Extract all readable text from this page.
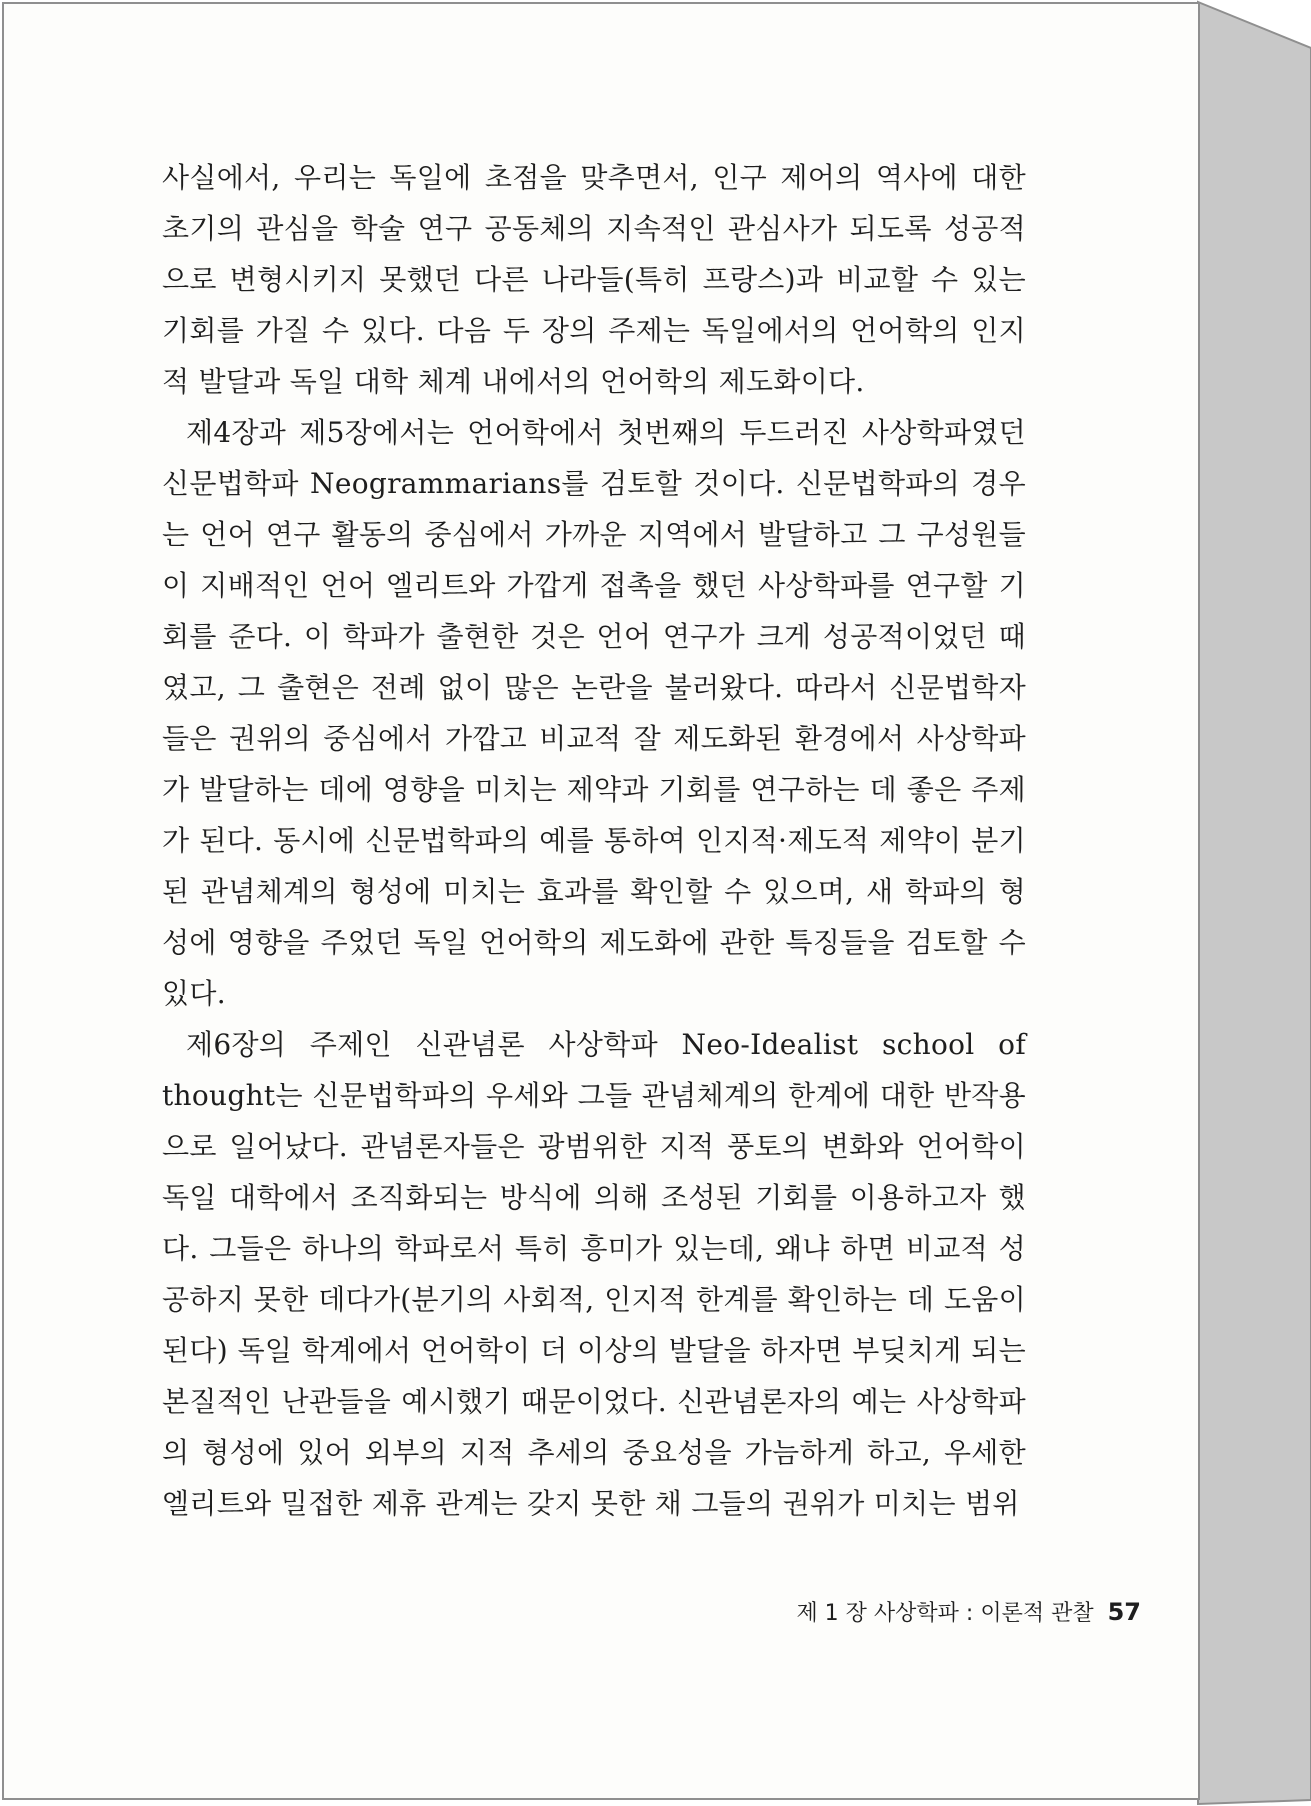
사실에서, 우리는 독일에 초점을 맞추면서, 인구 제어의 역사에 대한 초기의 관심을 학술 연구 공동체의 지속적인 관심사가 되도록 성공적으로 변형시키지 못했던 다른 나라들(특히 프랑스)과 비교할 수 있는 기회를 가질 수 있다. 다음 두 장의 주제는 독일에서의 언어학의 인지적 발달과 독일 대학 체계 내에서의 언어학의 제도화이다.

제4장과 제5장에서는 언어학에서 첫번째의 두드러진 사상학파였던 신문법학파 Neogrammarians를 검토할 것이다. 신문법학파의 경우는 언어 연구 활동의 중심에서 가까운 지역에서 발달하고 그 구성원들이 지배적인 언어 엘리트와 가깝게 접촉을 했던 사상학파를 연구할 기회를 준다. 이 학파가 출현한 것은 언어 연구가 크게 성공적이었던 때였고, 그 출현은 전례 없이 많은 논란을 불러왔다. 따라서 신문법학자들은 권위의 중심에서 가깝고 비교적 잘 제도화된 환경에서 사상학파가 발달하는 데에 영향을 미치는 제약과 기회를 연구하는 데 좋은 주제가 된다. 동시에 신문법학파의 예를 통하여 인지적·제도적 제약이 분기된 관념체계의 형성에 미치는 효과를 확인할 수 있으며, 새 학파의 형성에 영향을 주었던 독일 언어학의 제도화에 관한 특징들을 검토할 수 있다.

제6장의 주제인 신관념론 사상학파 Neo-Idealist school of thought는 신문법학파의 우세와 그들 관념체계의 한계에 대한 반작용으로 일어났다. 관념론자들은 광범위한 지적 풍토의 변화와 언어학이 독일 대학에서 조직화되는 방식에 의해 조성된 기회를 이용하고자 했다. 그들은 하나의 학파로서 특히 흥미가 있는데, 왜냐 하면 비교적 성공하지 못한 데다가(분기의 사회적, 인지적 한계를 확인하는 데 도움이 된다) 독일 학계에서 언어학이 더 이상의 발달을 하자면 부딪치게 되는 본질적인 난관들을 예시했기 때문이었다. 신관념론자의 예는 사상학파의 형성에 있어 외부의 지적 추세의 중요성을 가늠하게 하고, 우세한 엘리트와 밀접한 제휴 관계는 갖지 못한 채 그들의 권위가 미치는 범위

제 1 장 사상학파 : 이론적 관찰 57
